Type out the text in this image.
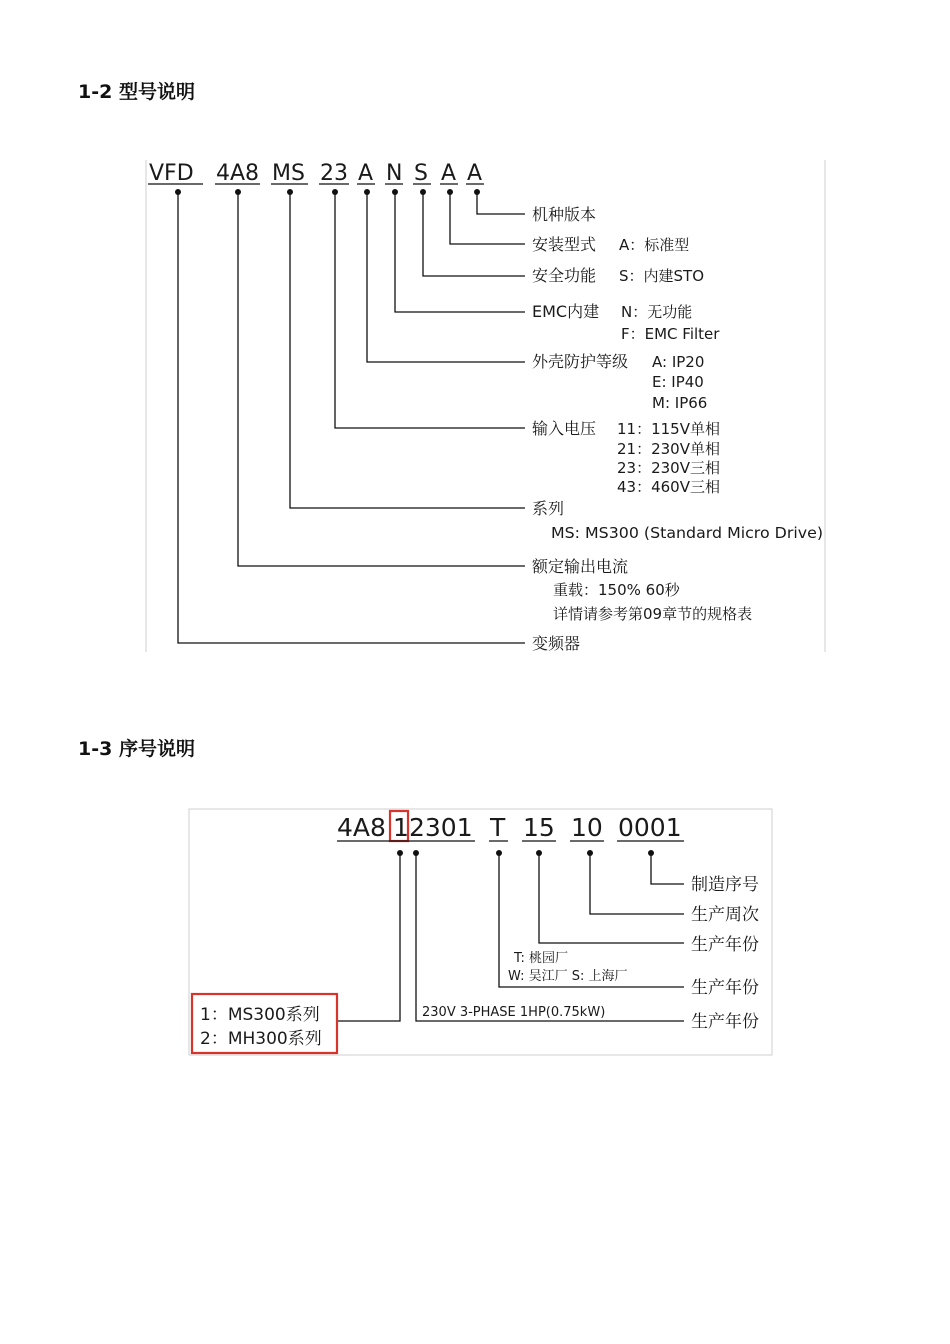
1-2 型号说明
1-3 序号说明
VFD 4A8 MS 23 A N S A A
机种版本
安装型式 A：标准型
安全功能 S：内建STO
EMC内建 N：无功能
F：EMC Filter
外壳防护等级 A: IP20
E: IP40
M: IP66
输入电压 11：115V单相
21：230V单相
23：230V三相
43：460V三相
系列
MS: MS300 (Standard Micro Drive)
额定输出电流
重载：150% 60秒
详情请参考第09章节的规格表
变频器
4A8 1 2301 T 15 10 0001
制造序号
生产周次
生产年份
T: 桃园厂
W: 吴江厂 S: 上海厂
生产年份
230V 3-PHASE 1HP(0.75kW)	生产年份
1：MS300系列
2：MH300系列
